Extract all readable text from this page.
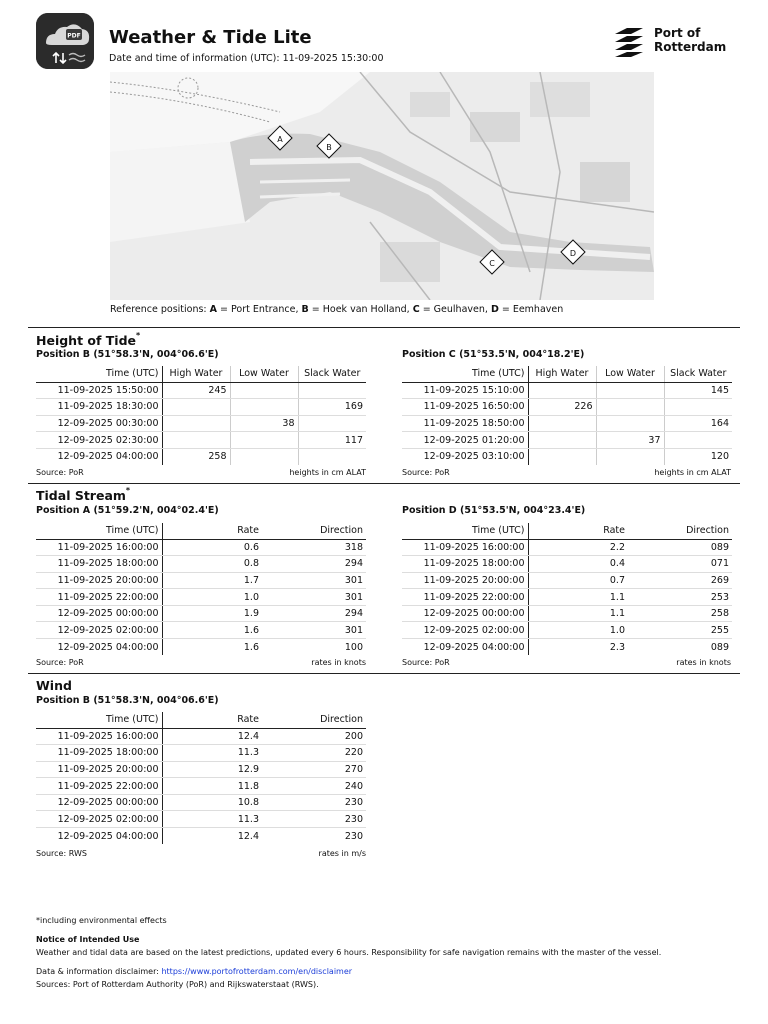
PDF Weather & Tide Lite
Date and time of information (UTC): 11-09-2025 15:30:00
Port of
Rotterdam
A
B
C
D
Reference positions: A = Port Entrance, B = Hoek van Holland, C = Geulhaven, D = Eemhaven
Height of Tide*
Position B (51°58.3'N, 004°06.6'E)	Position C (51°53.5'N, 004°18.2'E)
Time (UTC)	High Water	Low Water	Slack Water
11-09-2025 15:50:00	245		
11-09-2025 18:30:00			169
12-09-2025 00:30:00		38	
12-09-2025 02:30:00			117
12-09-2025 04:00:00	258		
Time (UTC)	High Water	Low Water	Slack Water
11-09-2025 15:10:00			145
11-09-2025 16:50:00	226		
11-09-2025 18:50:00			164
12-09-2025 01:20:00		37	
12-09-2025 03:10:00			120
Source: PoR	heights in cm ALAT	Source: PoR	heights in cm ALAT
Tidal Stream*
Position A (51°59.2'N, 004°02.4'E)	Position D (51°53.5'N, 004°23.4'E)
Time (UTC)	Rate	Direction
11-09-2025 16:00:00	0.6	318
11-09-2025 18:00:00	0.8	294
11-09-2025 20:00:00	1.7	301
11-09-2025 22:00:00	1.0	301
12-09-2025 00:00:00	1.9	294
12-09-2025 02:00:00	1.6	301
12-09-2025 04:00:00	1.6	100
Time (UTC)	Rate	Direction
11-09-2025 16:00:00	2.2	089
11-09-2025 18:00:00	0.4	071
11-09-2025 20:00:00	0.7	269
11-09-2025 22:00:00	1.1	253
12-09-2025 00:00:00	1.1	258
12-09-2025 02:00:00	1.0	255
12-09-2025 04:00:00	2.3	089
Source: PoR	rates in knots	Source: PoR	rates in knots
Wind
Position B (51°58.3'N, 004°06.6'E)
Time (UTC)	Rate	Direction
11-09-2025 16:00:00	12.4	200
11-09-2025 18:00:00	11.3	220
11-09-2025 20:00:00	12.9	270
11-09-2025 22:00:00	11.8	240
12-09-2025 00:00:00	10.8	230
12-09-2025 02:00:00	11.3	230
12-09-2025 04:00:00	12.4	230
Source: RWS	rates in m/s
*including environmental effects
Notice of Intended Use
Weather and tidal data are based on the latest predictions, updated every 6 hours. Responsibility for safe navigation remains with the master of the vessel.
Data & information disclaimer: https://www.portofrotterdam.com/en/disclaimer
Sources: Port of Rotterdam Authority (PoR) and Rijkswaterstaat (RWS).
